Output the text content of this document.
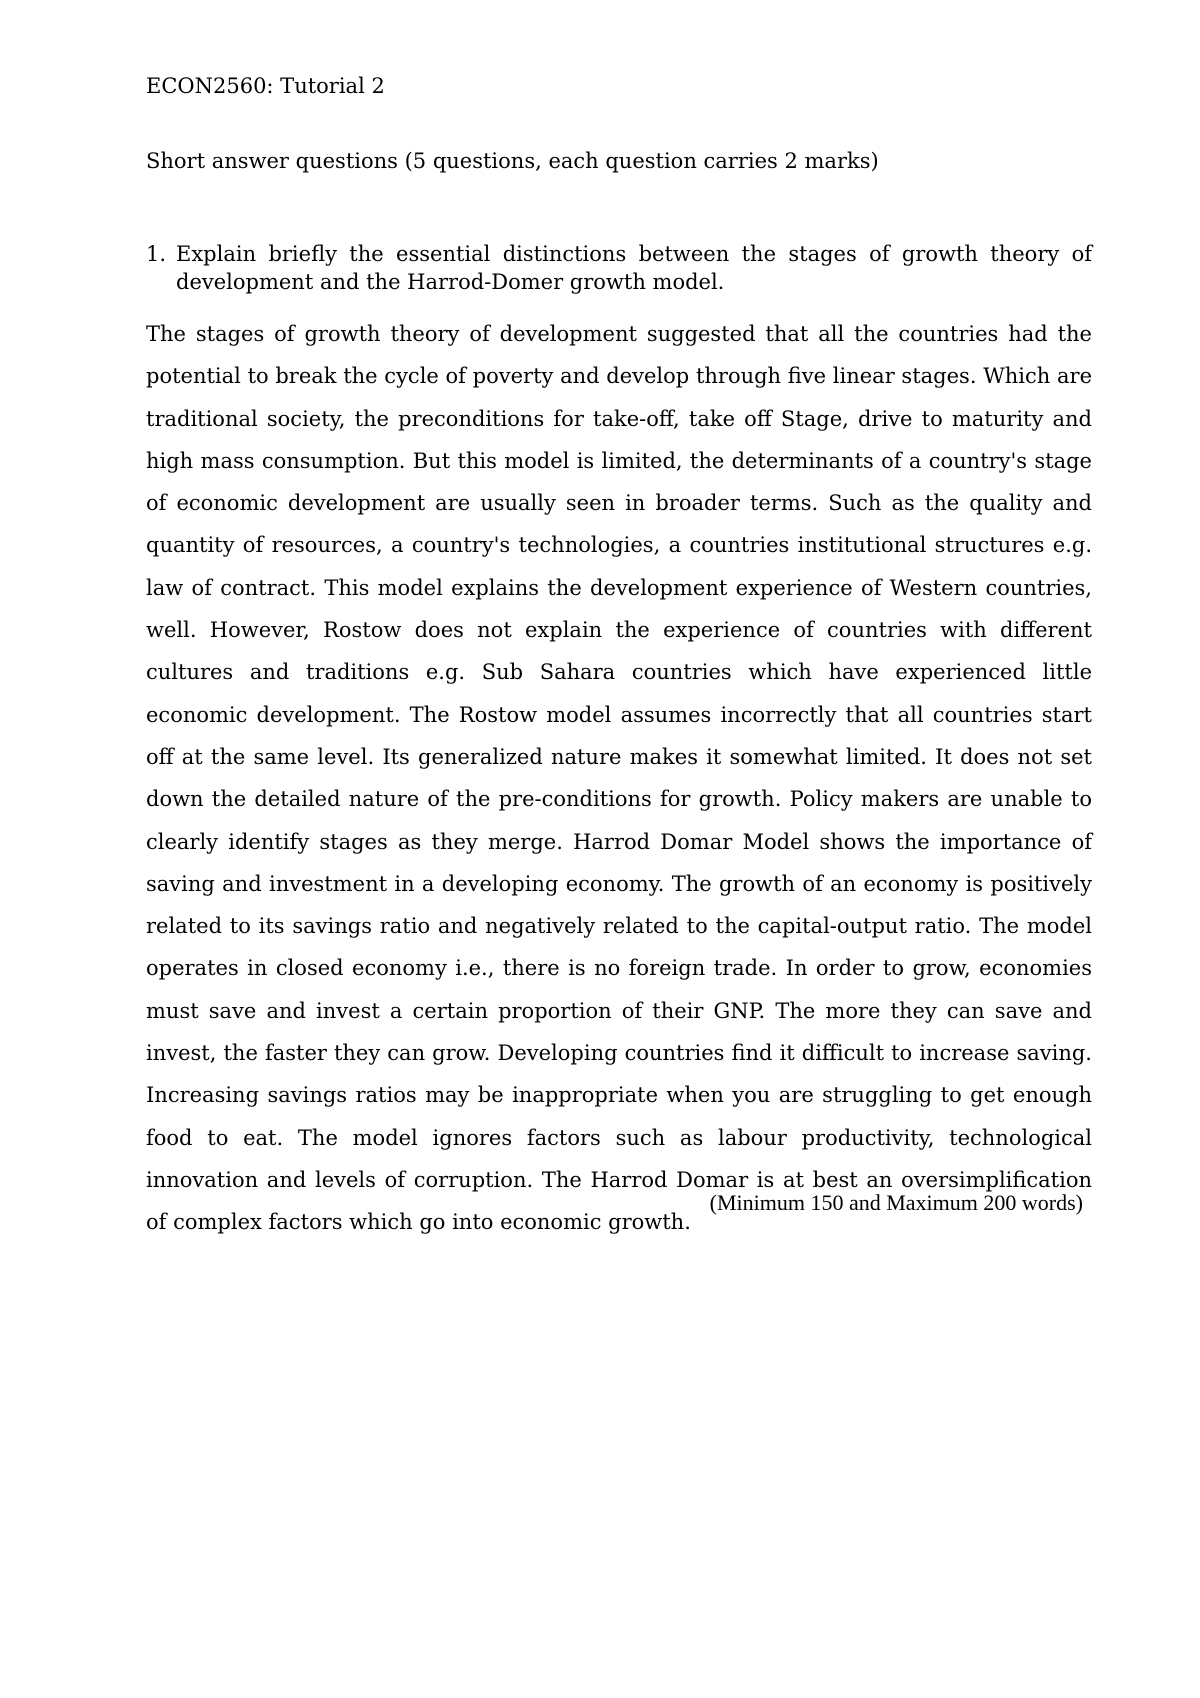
ECON2560: Tutorial 2
Short answer questions (5 questions, each question carries 2 marks)
1. Explain briefly the essential distinctions between the stages of growth theory of development and the Harrod-Domer growth model.

The stages of growth theory of development suggested that all the countries had the potential to break the cycle of poverty and develop through five linear stages. Which are traditional society, the preconditions for take-off, take off Stage, drive to maturity and high mass consumption. But this model is limited, the determinants of a country's stage of economic development are usually seen in broader terms. Such as the quality and quantity of resources, a country's technologies, a countries institutional structures e.g. law of contract. This model explains the development experience of Western countries, well. However, Rostow does not explain the experience of countries with different cultures and traditions e.g. Sub Sahara countries which have experienced little economic development. The Rostow model assumes incorrectly that all countries start off at the same level. Its generalized nature makes it somewhat limited. It does not set down the detailed nature of the pre-conditions for growth. Policy makers are unable to clearly identify stages as they merge. Harrod Domar Model shows the importance of saving and investment in a developing economy. The growth of an economy is positively related to its savings ratio and negatively related to the capital-output ratio. The model operates in closed economy i.e., there is no foreign trade. In order to grow, economies must save and invest a certain proportion of their GNP. The more they can save and invest, the faster they can grow. Developing countries find it difficult to increase saving. Increasing savings ratios may be inappropriate when you are struggling to get enough food to eat. The model ignores factors such as labour productivity, technological innovation and levels of corruption. The Harrod Domar is at best an oversimplification of complex factors which go into economic growth.

(Minimum 150 and Maximum 200 words)
